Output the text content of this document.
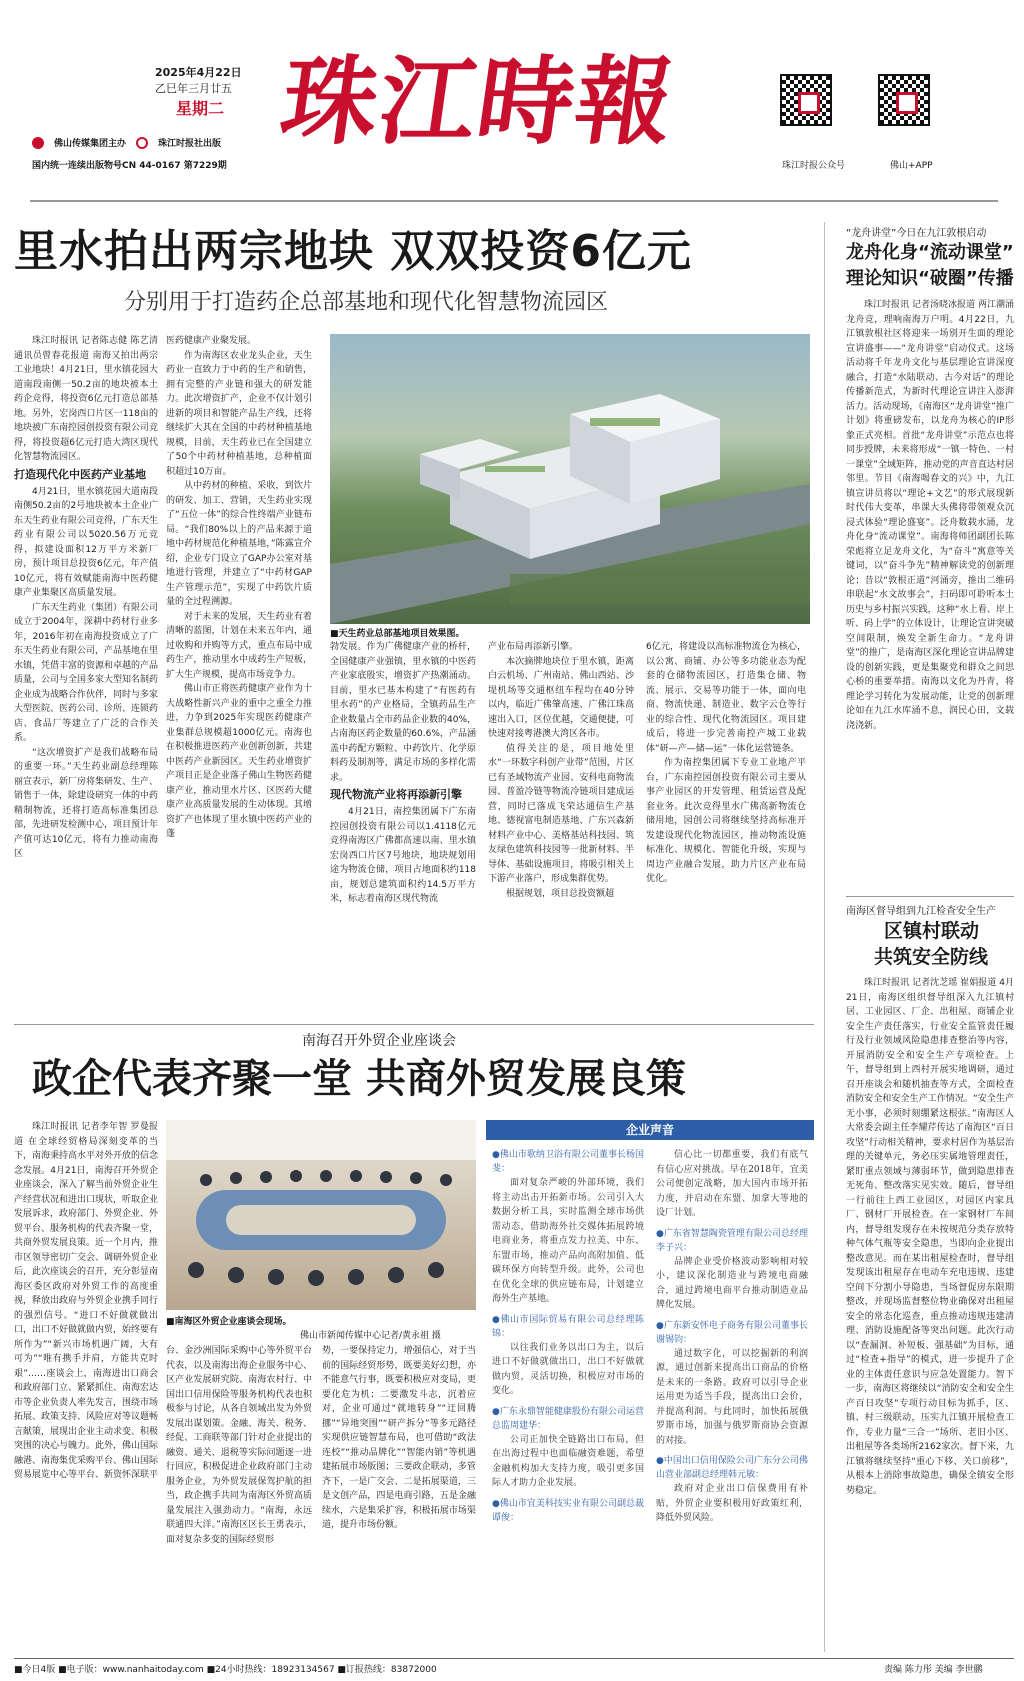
2025年4月22日
乙巳年三月廿五
星期二
佛山传媒集团主办	珠江时报社出版
国内统一连续出版物号CN 44-0167 第7229期
珠江時報
珠江时报公众号	佛山+APP
里水拍出两宗地块 双双投资6亿元
分别用于打造药企总部基地和现代化智慧物流园区

珠江时报讯 记者陈志健 陈艺清 通讯员曾春花报道 南海又拍出两宗工业地块！4月21日，里水镇花园大道南段南侧一50.2亩的地块被本土药企竞得，将投资6亿元打造总部基地。另外，宏岗西口片区一118亩的地块被广东南控园创投资有限公司竞得，将投资超6亿元打造大湾区现代化智慧物流园区。

打造现代化中医药产业基地

4月21日，里水镇花园大道南段南侧50.2亩的2号地块被本土企业广东天生药业有限公司竞得，广东天生药业有限公司以5020.56万元竞得，拟建设面积12万平方米新厂房，预计项目总投资6亿元，年产值10亿元，将有效赋能南海中医药健康产业集聚区高质量发展。

广东天生药业（集团）有限公司成立于2004年，深耕中药材行业多年，2016年初在南海投资成立了广东天生药业有限公司，产品基地在里水镇，凭借丰富的资源和卓越的产品质量，公司与全国多家大型知名制药企业成为战略合作伙伴，同时与多家大型医院、医药公司、诊所、连锁药店、食品厂等建立了广泛的合作关系。

“这次增资扩产是我们战略布局的重要一环。”天生药业副总经理陈丽宣表示，新厂房将集研发、生产、销售于一体，除建设研究一体的中药精制物流，还将打造高标准集团总部，先进研发检测中心，项目预计年产值可达10亿元，将有力推动南海区

医药健康产业聚发展。

作为南海区农业龙头企业，天生药业一直致力于中药的生产和销售，拥有完整的产业链和强大的研发能力。此次增资扩产，企业不仅计划引进新的项目和智能产品生产线，还将继续扩大其在全国的中药材种植基地规模，目前，天生药业已在全国建立了50个中药材种植基地，总种植面积超过10万亩。

从中药材的种植、采收，到饮片的研发、加工、营销，天生药业实现了“五位一体”的综合性终端产业链布局。“我们80%以上的产品来源于道地中药材规范化种植基地，”陈露宣介绍，企业专门设立了GAP办公室对基地进行管理，并建立了“中药材GAP生产管理示范”，实现了中药饮片质量的全过程溯源。

对于未来的发展，天生药业有着清晰的蓝图，计划在未来五年内，通过收购和并购等方式，重点布局中成药生产，推动里水中成药生产短板，扩大生产规模，提高市场竞争力。

佛山市正将医药健康产业作为十大战略性新兴产业的重中之重全力推进，力争到2025年实现医药健康产业集群总规模超1000亿元。南海也在积极推进医药产业创新创新，共建中医药产业新园区。天生药业增资扩产项目正是企业落子佛山生物医药健康产业，推动里水片区、区医药大健康产业高质量发展的生动体现。其增资扩产也体现了里水镇中医药产业的蓬

■天生药业总部基地项目效果图。

勃发展。作为广佛健康产业的桥杆，全国健康产业强镇，里水镇的中医药产业家底殷实，增资扩产热潮涌动。目前，里水已基本构建了“有医药有里水药”的产业格局，全镇药品生产企业数量占全市药品企业数的40%，占南海区药企数量的60.6%，产品涵盖中药配方颗粒、中药饮片、化学原料药及制剂等，满足市场的多样化需求。

现代物流产业将再添新引擎

4月21日，南控集团属下广东南控园创投资有限公司以1.4118亿元竞得南海区广佛都高速以南、里水镇宏岗西口片区7号地块，地块规划用途为物流仓储，项目占地面积约118亩，规划总建筑面积约14.5万平方米，标志着南海区现代物流

产业布局再添新引擎。

本次摘牌地块位于里水镇，距离白云机场、广州南站、佛山西站、沙堤机场等交通枢纽车程均在40分钟以内，临近广佛肇高速、广佛江珠高速出入口，区位优越，交通便捷，可快速对接粤港澳大湾区各市。

值得关注的是，项目地处里水“一环数字科创产业带”范围，片区已有圣域物流产业园、安科电商物流园、普盈冷链等物流冷链项目建成运营，同时已落成飞荣达通信生产基地、德视富电制造基地、广东兴森新材料产业中心、美格基站科技园、筑友绿色建筑科技园等一批新材料、半导体、基础设施项目，将吸引相关上下游产业落户，形成集群优势。

根据规划，项目总投资额超

6亿元，将建设以高标准物流仓为核心，以公寓、商铺、办公等多功能业态为配套的仓储物流园区，打造集仓储、物流、展示、交易等功能于一体，面向电商、物流快递、制造业、数字云仓等行业的综合性、现代化物流园区。项目建成后，将进一步完善南控产城工业载体“研—产—储—运”一体化运营链条。

作为南控集团属下专业工业地产平台，广东南控园创投资有限公司主要从事产业园区的开发管理、租赁运营及配套业务。此次竞得里水广佛高新物流仓储用地，园创公司将继续坚持高标准开发建设现代化物流园区，推动物流设施标准化、规模化、智能化升级，实现与周边产业融合发展，助力片区产业布局优化。

“龙舟讲堂”今日在九江敦根启动
龙舟化身“流动课堂”
理论知识“破圈”传播

珠江时报讯 记者汤晓冰报道 两江潮涌龙舟竞，理响南海万户明。4月22日，九江镇敦根社区将迎来一场别开生面的理论宣讲盛事——“龙舟讲堂”启动仪式。这场活动将千年龙舟文化与基层理论宣讲深度融合，打造“水陆联动、古今对话”的理论传播新范式，为新时代理论宣讲注入澎湃活力。活动现场，《南海区“龙舟讲堂”推广计划》将重磅发布，以龙舟为核心的IP形象正式亮相。首批“龙舟讲堂”示范点也将同步授牌，未来将形成“一镇一特色、一村一课堂”全域矩阵，推动党的声音直达村居邻里。节目《南海喝春文的兴》中，九江镇宣讲员将以“理论+文艺”的形式展现新时代伟大变革，串课大头佛将带领观众沉浸式体验“理论盛宴”。泛舟数载水涌，龙舟化身“流动课堂”。南海将师团副团长陈荣彪将立足龙舟文化，为“奋斗”寓意等关键词，以“奋斗争先”精神解读党的创新理论；昔以“敦根正道”河涌旁，推出二维码串联起“水文故事会”，扫码即可聆听本土历史与乡村振兴实践，这种“水上看、岸上听、码上学”的立体设计，让理论宣讲突破空间限制，焕发全新生命力。“龙舟讲堂”的推广，是南海区深化理论宣讲品牌建设的创新实践，更是集聚党和群众之间思心桥的重要举措。南海以文化为丹青，将理论学习转化为发展动能，让党的创新理论如在九江水库涌不息，润民心田，文载浇浇新。

南海区督导组到九江检查安全生产
区镇村联动
共筑安全防线

珠江时报讯 记者沈芝瑶 崔娟报道 4月21日，南海区组织督导组深入九江镇村居、工业园区、厂企、出租屋、商铺企业安全生产责任落实，行业安全监管责任履行及行业领域风险隐患排查整治等内容，开展消防安全和安全生产专项检查。上午，督导组到上西村开展实地调研，通过召开座谈会和随机抽查等方式，全面检查消防安全和安全生产工作情况。“安全生产无小事，必须时刻绷紧这根弦。”南海区人大常委会副主任李耀芹传达了南海区“百日攻坚”行动相关精神，要求村居作为基层治理的关键单元，务必压实属地管理责任，紧盯重点领域与薄弱环节，做到隐患排查无死角、整改落实见实效。随后，督导组一行前往上西工业园区，对园区内家具厂、钢材厂开展检查。在一家钢材厂车间内，督导组发现存在未按规范分类存放特种气体气瓶等安全隐患，当即向企业提出整改意见。而在某出租屋检查时，督导组发现该出租屋存在电动车充电违规、违建空间下分割小导隐患，当场督促房东限期整改，并现场监督整位物业确保对出租屋安全的常态化巡查，重点推动违规违建清理、消防设施配备等突出问题。此次行动以“查漏洞、补短板、强基础”为目标，通过“检查+指导”的模式，进一步提升了企业的主体责任意识与应急处置能力。智下一步，南海区将继续以“消防安全和安全生产百日攻坚”专项行动目标为抓手，区、镇、村三级联动，压实九江镇开展检查工作，专业力量“三合一”场所、老旧小区、出租屋等各类场所2162家次。督下来，九江镇将继续坚持“重心下移、关口前移”，从根本上消除事故隐患，确保全镇安全形势稳定。

南海召开外贸企业座谈会
政企代表齐聚一堂 共商外贸发展良策

珠江时报讯 记者李年智 罗曼报道 在全球经贸格局深刻变革的当下，南海秉持高水平对外开放的信念念发展。4月21日，南海召开外贸企业座谈会，深入了解当前外贸企业生产经营状况和进出口现状，听取企业发展诉求，政府部门、外贸企业、外贸平台、服务机构的代表齐聚一堂，共商外贸发展良策。近一个月内，推市区领导密切广交会、调研外贸企业后，此次座谈会的召开，充分彰显南海区委区政府对外贸工作的高度重视，释放出政府与外贸企业携手同行的强烈信号。“进口不好做就做出口，出口不好做就做内贸，始终要有所作为”“新兴市场机遇广阔，大有可为”“唯有携手并肩，方能共克时艰”……座谈会上，南海进出口商会和政府部门立、紧紧抓住、南海宏达市等企业负责人率先发言，围绕市场拓展、政策支持、风险应对等议题畅言献策，展现出企业主动求变、积极突围的决心与魄力。此外，佛山国际融港、南海集优采购平台、佛山国际贸易展览中心等平台、新资怀深联平

■南海区外贸企业座谈会现场。
佛山市新闻传媒中心记者/黄永祖 摄

台、金沙洲国际采购中心等外贸平台代表，以及南海出海企业服务中心、区产业发展研究院、南海农村行、中国出口信用保险等服务机构代表也积极参与讨论，从各自领域出发为外贸发展出谋划策。金融、海关、税务、经促、工商联等部门针对企业提出的融资、通关、退税等实际问题逐一进行回应，积极促进企业政府部门主动服务企业，为外贸发展保驾护航的担当，政企携手共同为南海区外贸高质量发展注入强劲动力。“南海，永远联通四大洋。”南海区区长王勇表示，面对复杂多变的国际经贸形

势，一要保持定力，增强信心，对于当前的国际经贸形势，既要美好幻想，亦不能意气行事，既要积极应对变局，更要化危为机；二要激发斗志，沉着应对，企业可通过“就地转身”“迂回腾挪”“异地突围”“研产拆分”等多元路径实现供应链智慧布局，也可借助“政法连校”“推动品牌化”“智能内销”等机遇建拓展市场版图；三要政企联动，多管齐下，一是广交会、二是拓展渠道，三是文创产品，四是电商引路，五是金融续水，六是集采扩容，积极拓展市场渠道，提升市场份额。

企业声音
●佛山市歌纳卫浴有限公司董事长杨国斐：

面对复杂严峻的外部环境，我们将主动出击开拓新市场。公司引入大数据分析工具，实时监测全球市场供需动态，借助海外社交媒体拓展跨境电商业务，将重点发力拉美、中东、东盟市场，推动产品向高附加值、低碳环保方向转型升级。此外，公司也在优化全球的供应链布局，计划建立海外生产基地。

●佛山市国际贸易有限公司总经理陈锦：

以往我们业务以出口为主，以后进口不好做就做出口，出口不好做就做内贸，灵活切换，积极应对市场的变化。

●广东永鼎智能健康股份有限公司运营总监周建华：

公司正加快全链路出口布局，但在出海过程中也面临融资难题，希望金融机构加大支持力度，吸引更多国际人才助力企业发展。

●佛山市宜美科技实业有限公司副总裁谭俊：

信心比一切都重要，我们有底气有信心应对挑战。早在2018年，宜美公司便创定战略，加大国内市场开拓力度，并启动在东盟、加拿大等地的设厂计划。

●广东省智慧陶瓷管理有限公司总经理李子兴：

品牌企业受价格波动影响相对较小，建议深化制造业与跨境电商融合，通过跨境电商平台推动制造业品牌化发展。

●广东新安怀电子商务有限公司董事长谢锡钧：

通过数字化，可以挖掘新的利润源，通过创新来提高出口商品的价格是未来的一条路。政府可以引导企业运用更为适当手段，提高出口会价，并提高利润。与此同时，加快拓展俄罗斯市场，加强与俄罗斯商协会资源的对接。

●中国出口信用保险公司广东分公司佛山营业部副总经理韩元敏：

政府对企业出口信保费用有补贴，外贸企业要积极用好政策红利，降低外贸风险。

■今日4版 ■电子版：www.nanhaitoday.com ■24小时热线：18923134567 ■订报热线：83872000	责编 陈力彤 美编 李世鹏
